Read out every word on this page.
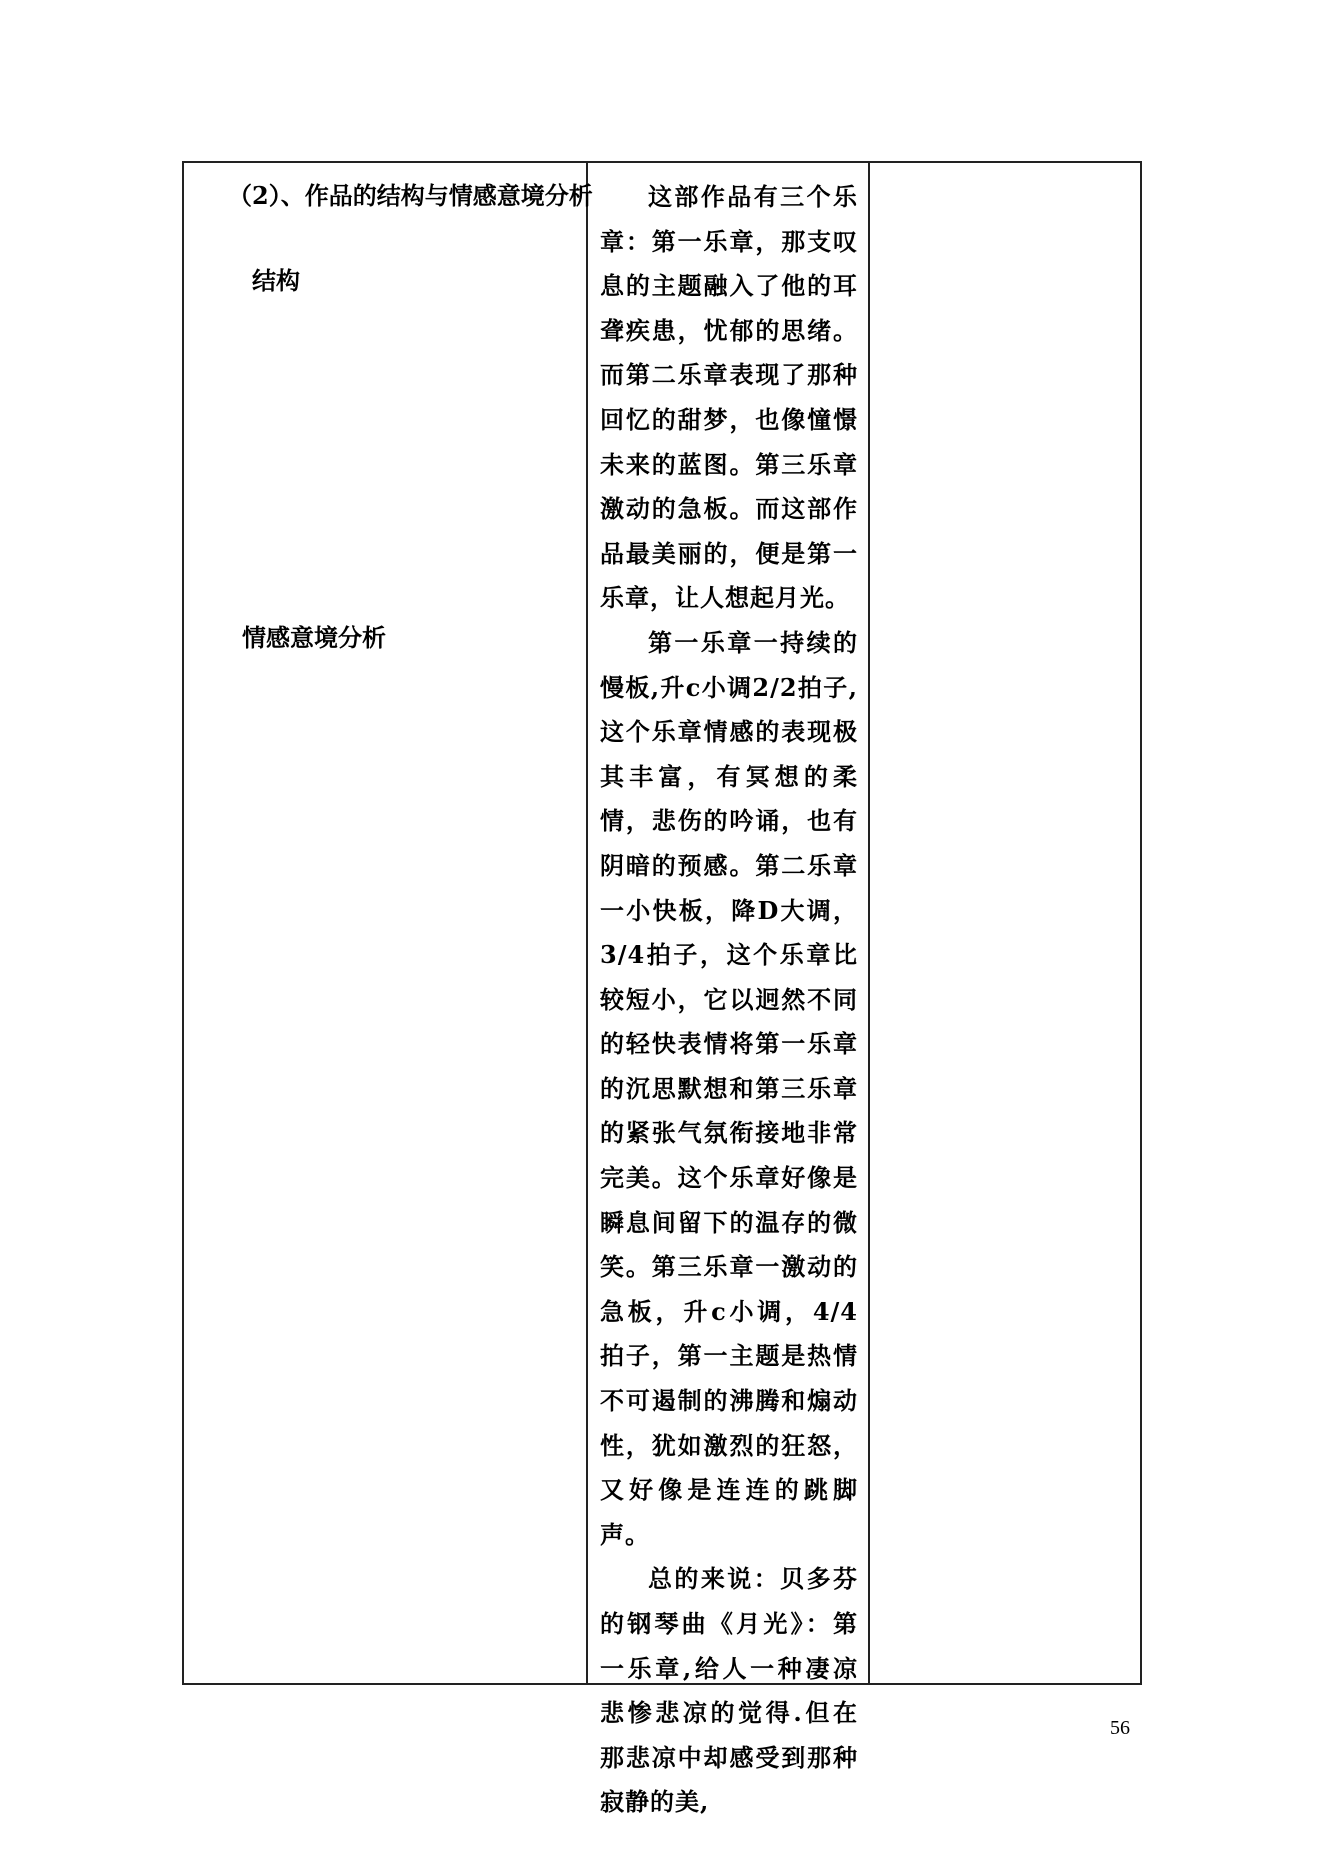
（2）、作品的结构与情感意境分析
结构
情感意境分析

这部作品有三个乐章：第一乐章，那支叹息的主题融入了他的耳聋疾患，忧郁的思绪。而第二乐章表现了那种回忆的甜梦，也像憧憬未来的蓝图。第三乐章激动的急板。而这部作品最美丽的，便是第一乐章，让人想起月光。

第一乐章一持续的慢板,升c小调2/2拍子,这个乐章情感的表现极其丰富，有冥想的柔情，悲伤的吟诵，也有阴暗的预感。第二乐章一小快板，降D大调，3/4拍子，这个乐章比较短小，它以迥然不同的轻快表情将第一乐章的沉思默想和第三乐章的紧张气氛衔接地非常完美。这个乐章好像是瞬息间留下的温存的微笑。第三乐章一激动的急板，升c小调，4/4拍子，第一主题是热情不可遏制的沸腾和煽动性，犹如激烈的狂怒，又好像是连连的跳脚声。

总的来说：贝多芬的钢琴曲《月光》：第一乐章,给人一种凄凉悲惨悲凉的觉得.但在那悲凉中却感受到那种寂静的美,

56
